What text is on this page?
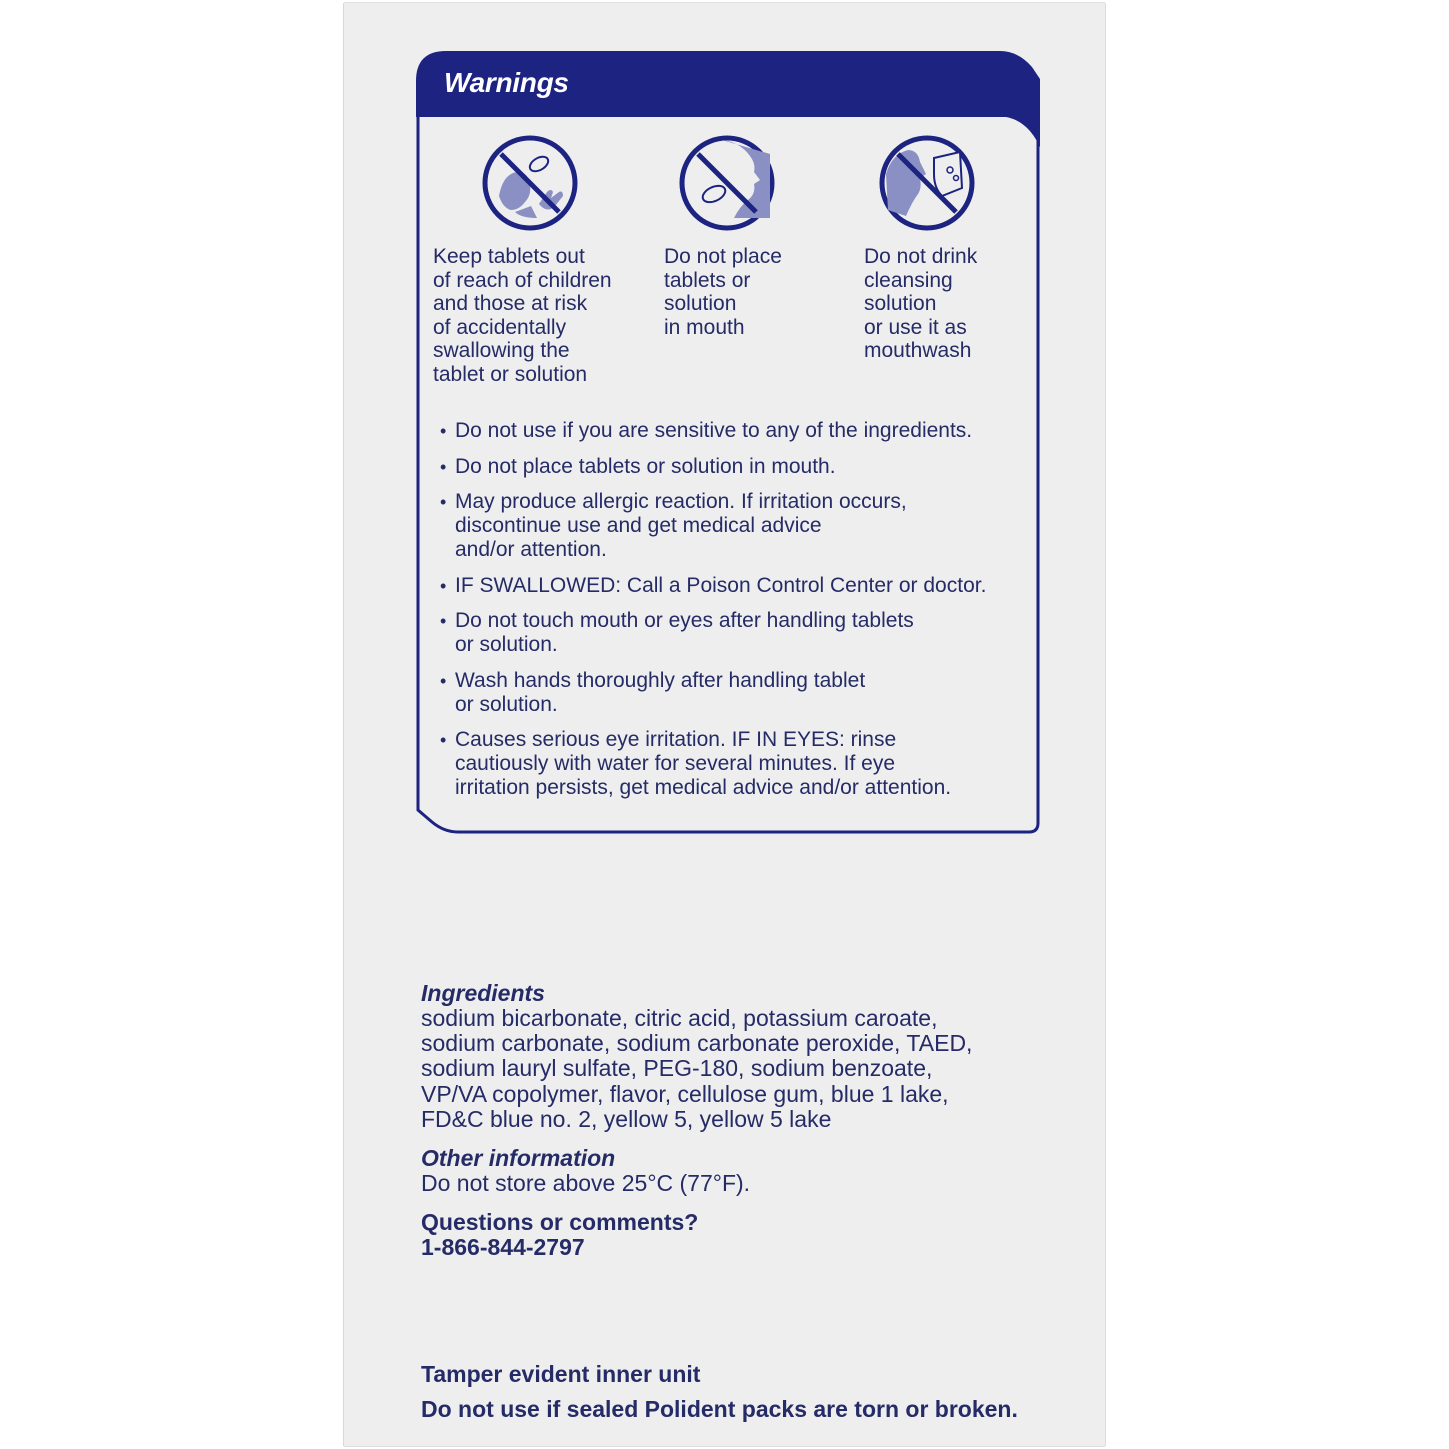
Warnings

Keep tablets out
of reach of children
and those at risk
of accidentally
swallowing the
tablet or solution

Do not place
tablets or
solution
in mouth

Do not drink
cleansing
solution
or use it as
mouthwash

• Do not use if you are sensitive to any of the ingredients.
• Do not place tablets or solution in mouth.
• May produce allergic reaction. If irritation occurs,
discontinue use and get medical advice
and/or attention.
• IF SWALLOWED: Call a Poison Control Center or doctor.
• Do not touch mouth or eyes after handling tablets
or solution.
• Wash hands thoroughly after handling tablet
or solution.
• Causes serious eye irritation. IF IN EYES: rinse
cautiously with water for several minutes. If eye
irritation persists, get medical advice and/or attention.
Ingredients

sodium bicarbonate, citric acid, potassium caroate,
sodium carbonate, sodium carbonate peroxide, TAED,
sodium lauryl sulfate, PEG-180, sodium benzoate,
VP/VA copolymer, flavor, cellulose gum, blue 1 lake,
FD&C blue no. 2, yellow 5, yellow 5 lake

Other information

Do not store above 25°C (77°F).

Questions or comments?

1-866-844-2797

Tamper evident inner unit

Do not use if sealed Polident packs are torn or broken.
